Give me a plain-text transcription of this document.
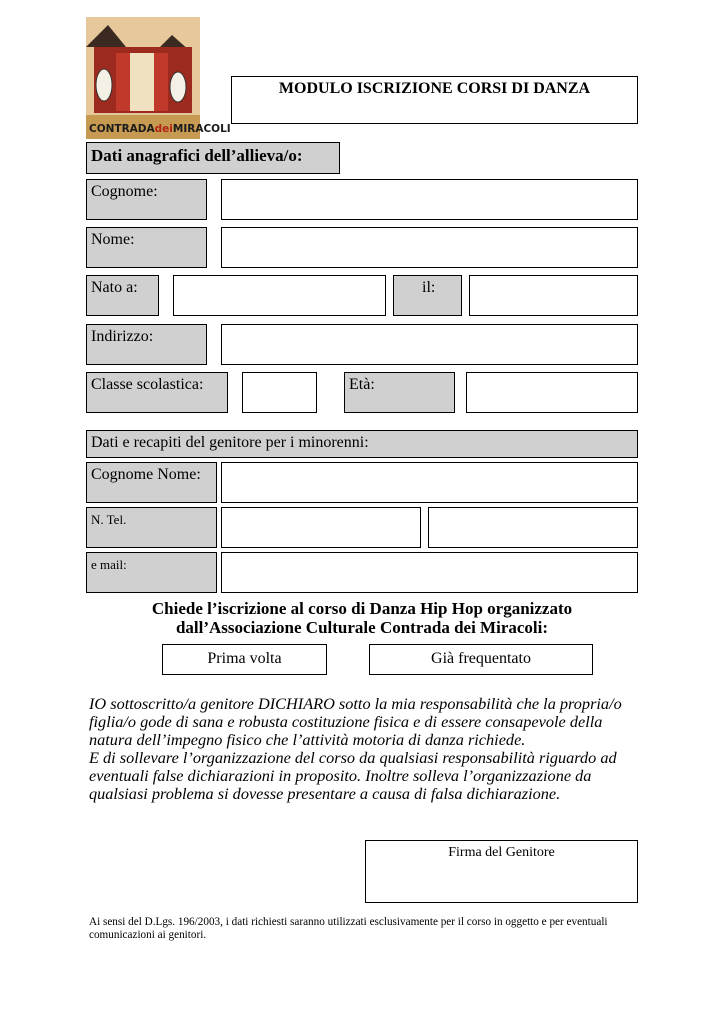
CONTRADAdeiMIRACOLI
MODULO ISCRIZIONE CORSI DI DANZA
Dati anagrafici dell’allieva/o:
Cognome:
Nome:
Nato a:	il:
Indirizzo:
Classe scolastica:	Età:
Dati e recapiti del genitore per i minorenni:
Cognome Nome:
N. Tel.
e mail:
Chiede l’iscrizione al corso di Danza Hip Hop organizzato
dall’Associazione Culturale Contrada dei Miracoli:
Prima volta	Già frequentato

IO sottoscritto/a genitore DICHIARO sotto la mia responsabilità che la propria/o figlia/o gode di sana e robusta costituzione fisica e di essere consapevole della natura dell’impegno fisico che l’attività motoria di danza richiede.

E di sollevare l’organizzazione del corso da qualsiasi responsabilità riguardo ad eventuali false dichiarazioni in proposito. Inoltre solleva l’organizzazione da qualsiasi problema si dovesse presentare a causa di falsa dichiarazione.

Firma del Genitore
Ai sensi del D.Lgs. 196/2003, i dati richiesti saranno utilizzati esclusivamente per il corso in oggetto e per eventuali comunicazioni ai genitori.
